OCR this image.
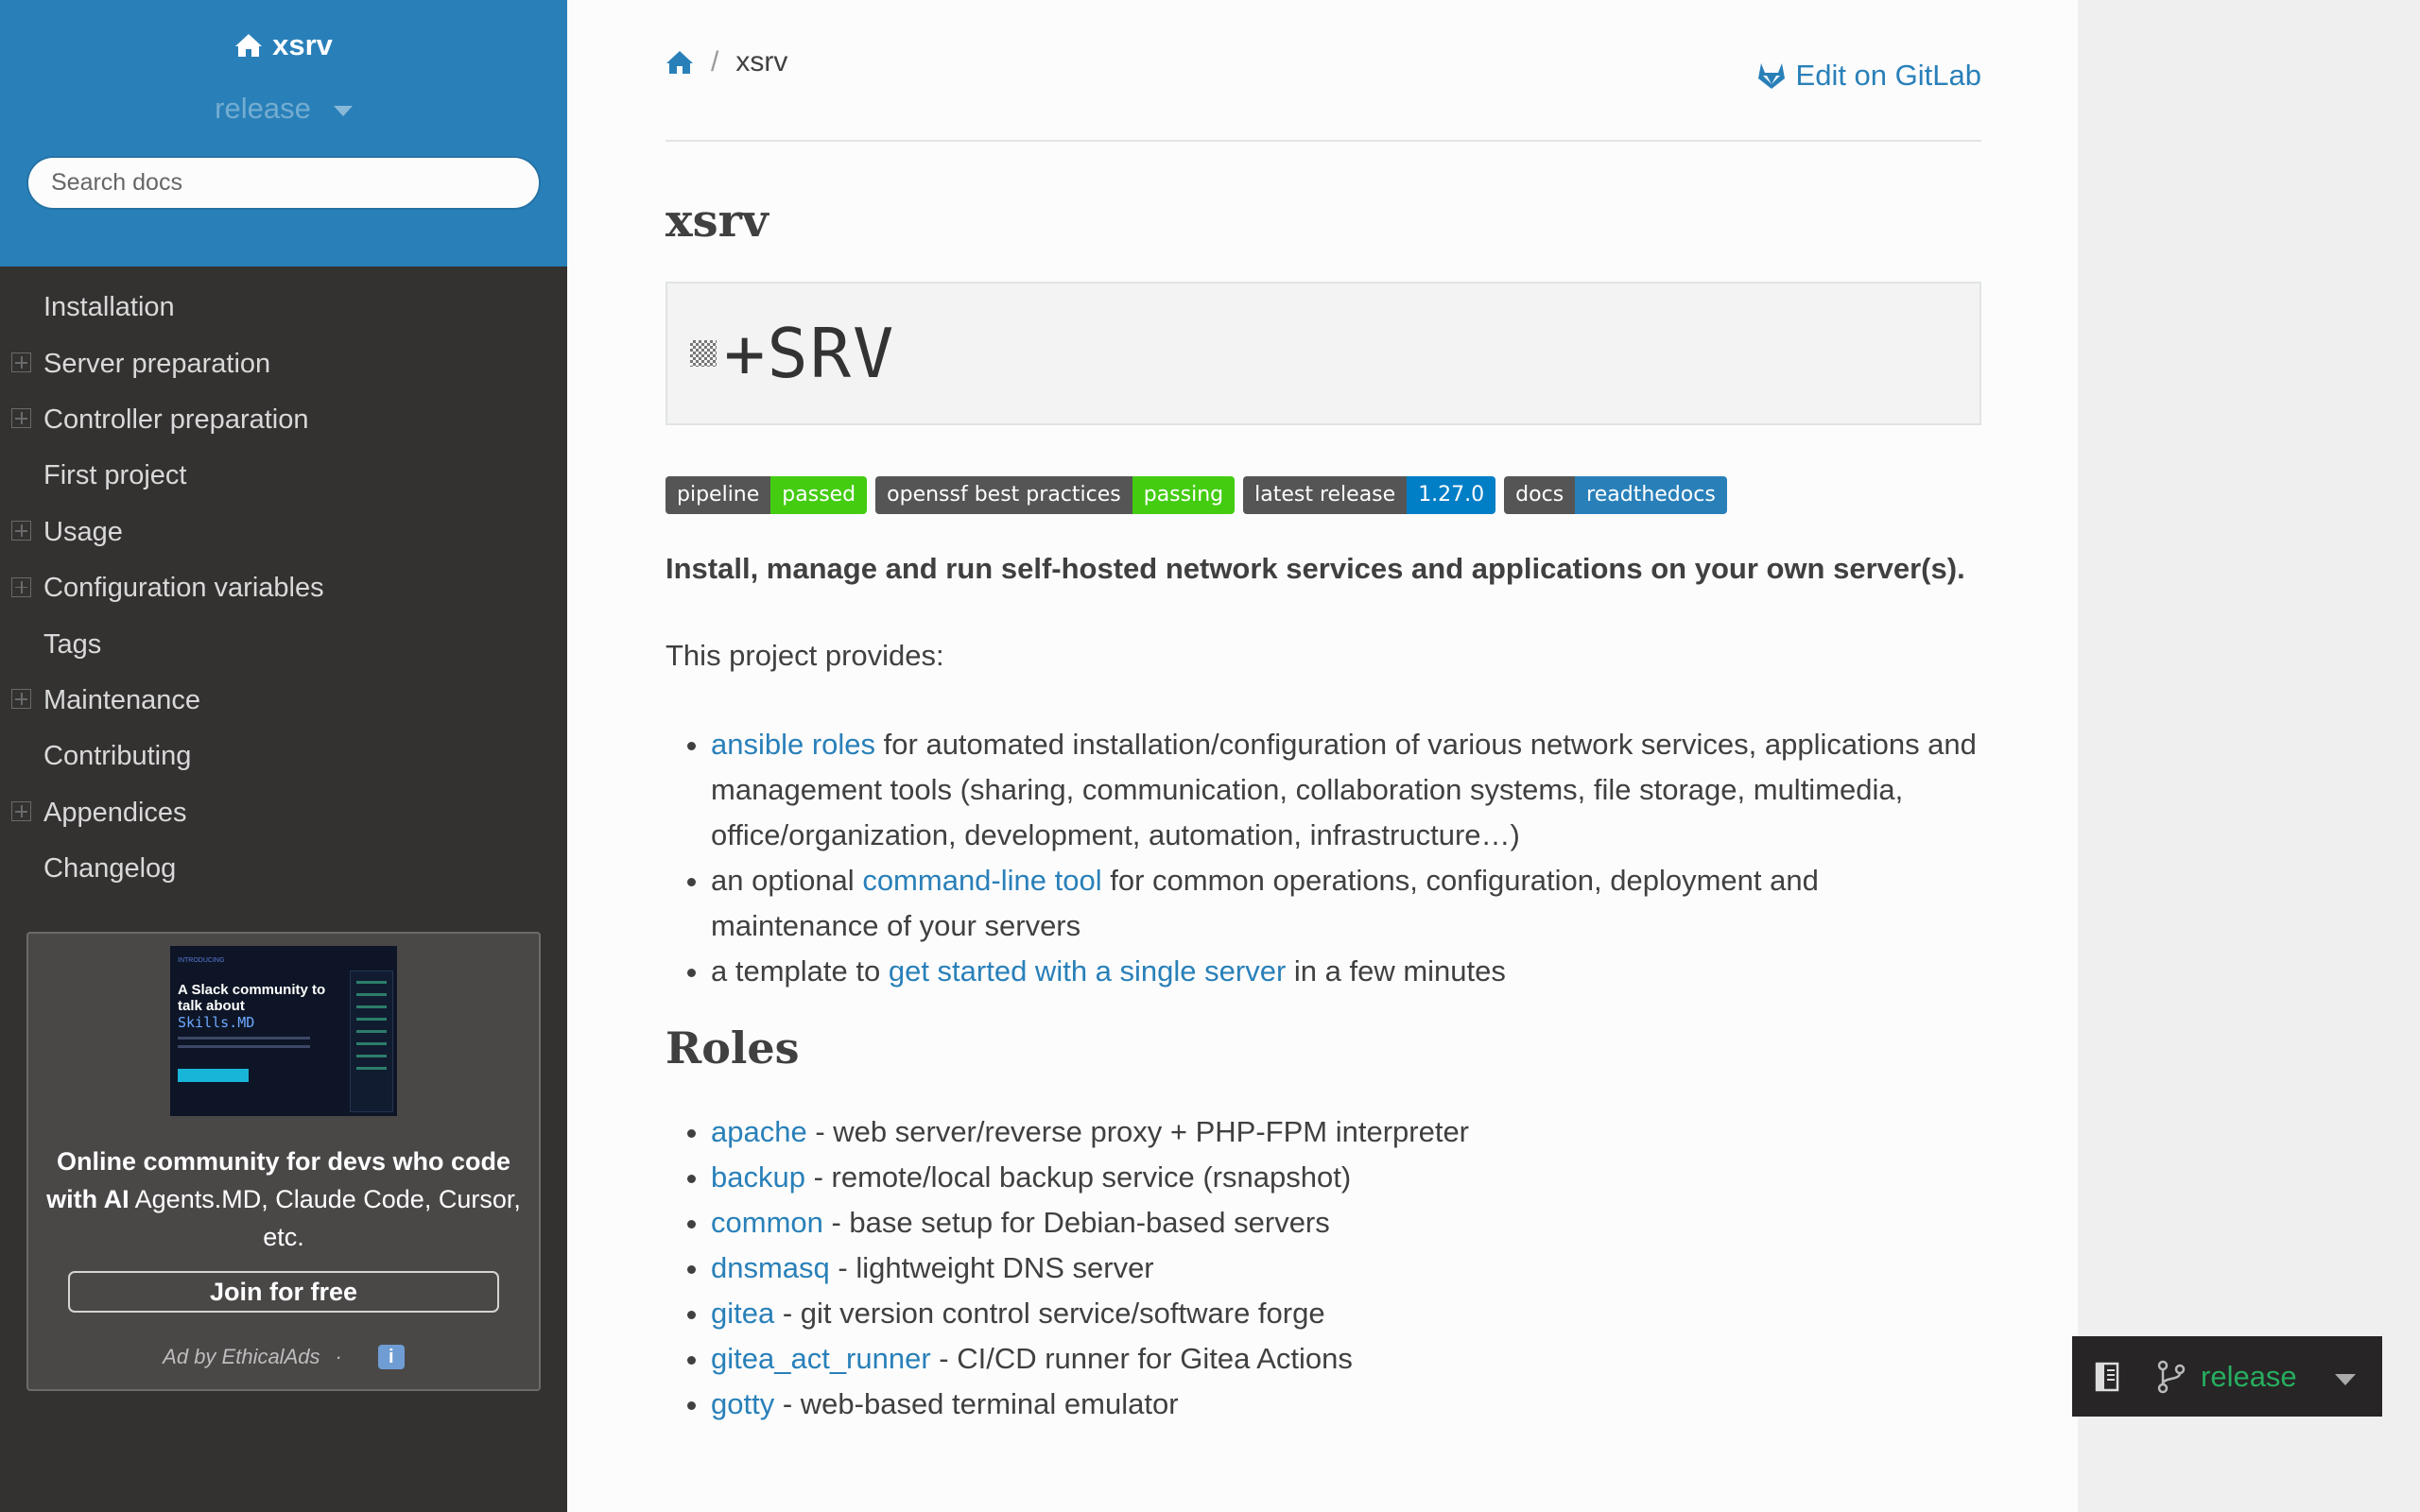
xsrv
release
Search docs
Installation
Server preparation
Controller preparation
First project
Usage
Configuration variables
Tags
Maintenance
Contributing
Appendices
Changelog
INTRODUCING
A Slack community to talk about
Skills.MD
Online community for devs who code with AI Agents.MD, Claude Code, Cursor, etc.
Join for free
Ad by EthicalAds ·	i
/ xsrv	Edit on GitLab
xsrv
+SRV
pipeline	passed	openssf best practices	passing	latest release	1.27.0	docs	readthedocs

Install, manage and run self-hosted network services and applications on your own server(s).

This project provides:

• ansible roles for automated installation/configuration of various network services, applications and management tools (sharing, communication, collaboration systems, file storage, multimedia, office/organization, development, automation, infrastructure…)
• an optional command-line tool for common operations, configuration, deployment and maintenance of your servers
• a template to get started with a single server in a few minutes
Roles
• apache - web server/reverse proxy + PHP-FPM interpreter
• backup - remote/local backup service (rsnapshot)
• common - base setup for Debian-based servers
• dnsmasq - lightweight DNS server
• gitea - git version control service/software forge
• gitea_act_runner - CI/CD runner for Gitea Actions
• gotty - web-based terminal emulator
release
